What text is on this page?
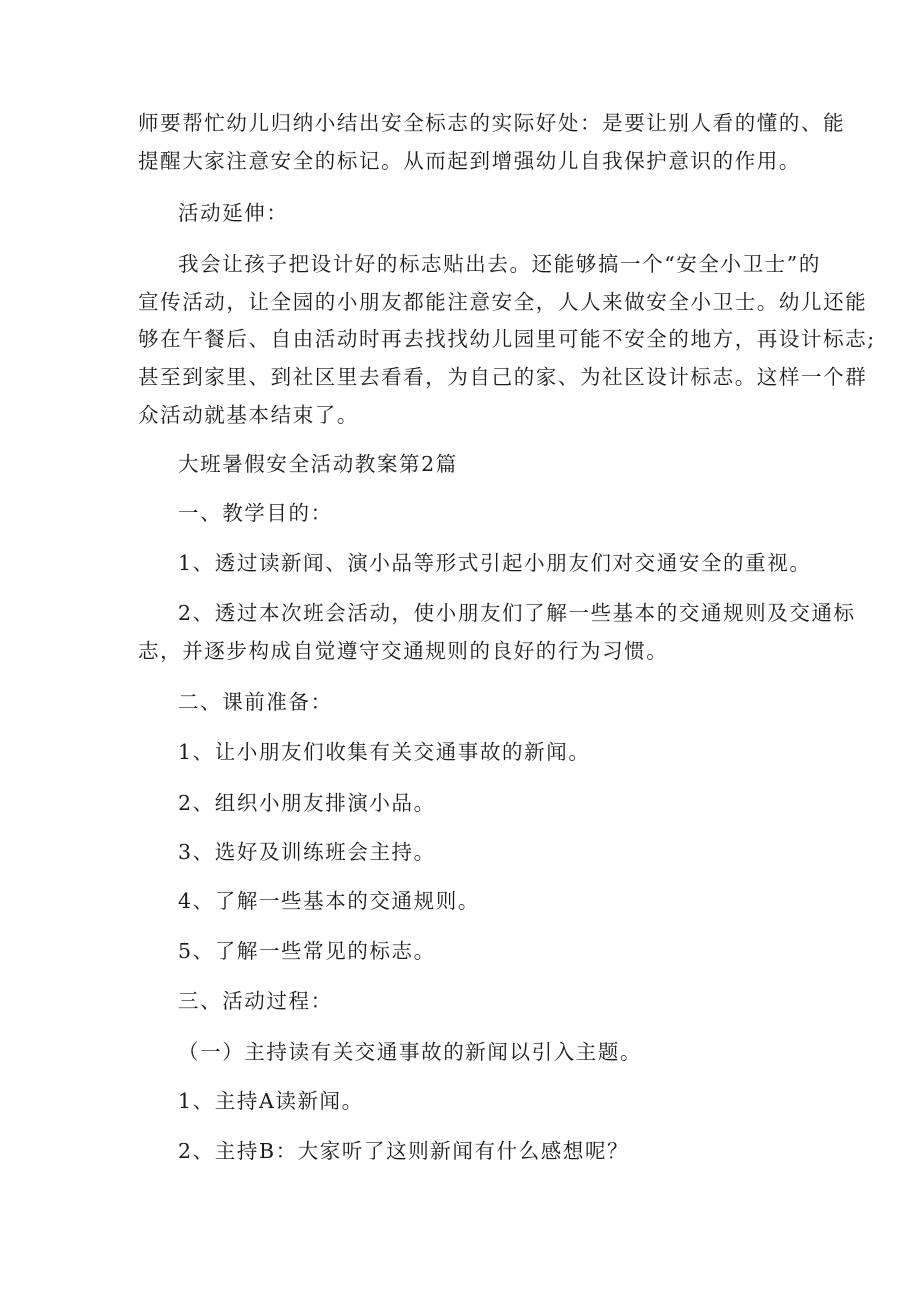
师要帮忙幼儿归纳小结出安全标志的实际好处：是要让别人看的懂的、能
提醒大家注意安全的标记。从而起到增强幼儿自我保护意识的作用。
活动延伸：
我会让孩子把设计好的标志贴出去。还能够搞一个“安全小卫士”的
宣传活动，让全园的小朋友都能注意安全，人人来做安全小卫士。幼儿还能
够在午餐后、自由活动时再去找找幼儿园里可能不安全的地方，再设计标志;
甚至到家里、到社区里去看看，为自己的家、为社区设计标志。这样一个群
众活动就基本结束了。
大班暑假安全活动教案第2篇
一、教学目的：
1、透过读新闻、演小品等形式引起小朋友们对交通安全的重视。
2、透过本次班会活动，使小朋友们了解一些基本的交通规则及交通标
志，并逐步构成自觉遵守交通规则的良好的行为习惯。
二、课前准备：
1、让小朋友们收集有关交通事故的新闻。
2、组织小朋友排演小品。
3、选好及训练班会主持。
4、了解一些基本的交通规则。
5、了解一些常见的标志。
三、活动过程：
（一）主持读有关交通事故的新闻以引入主题。
1、主持A读新闻。
2、主持B：大家听了这则新闻有什么感想呢？
